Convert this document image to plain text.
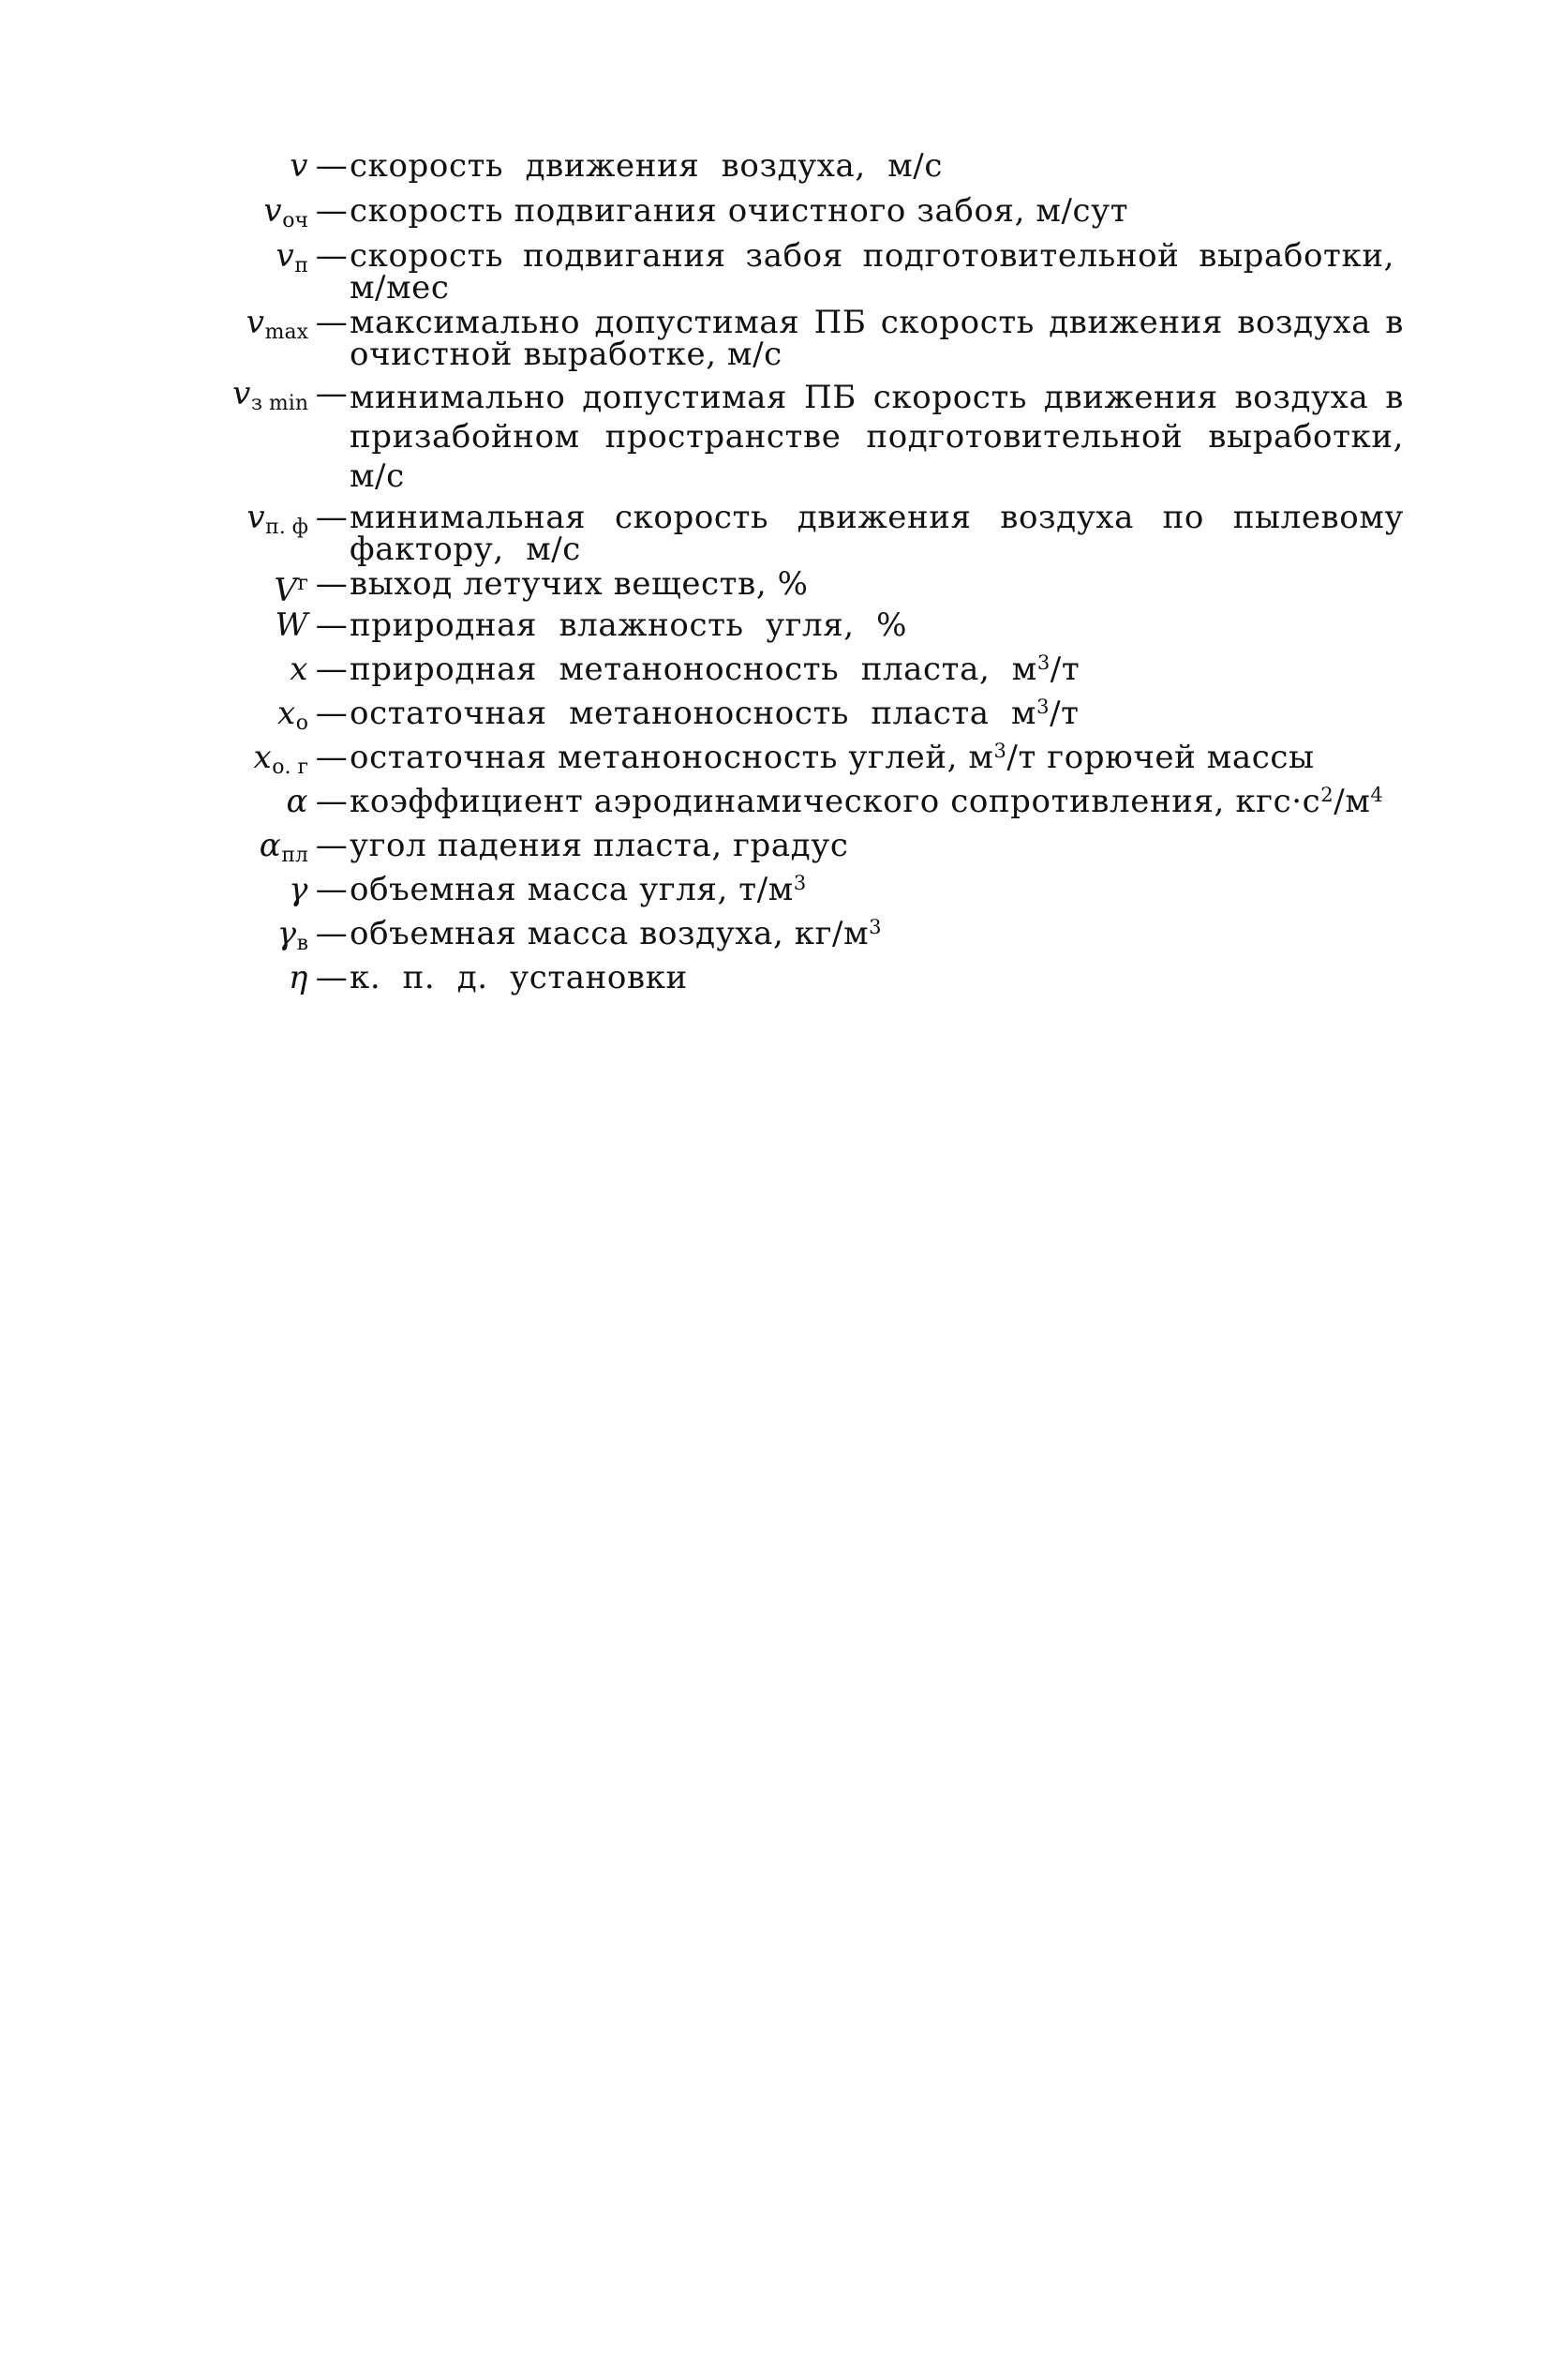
v — скорость движения воздуха, м/с
$v_{оч}$ — скорость подвигания очистного забоя, м/сут
$v_п$ — скорость подвигания забоя подготовительной выработки, м/мес
$v_{max}$ — максимально допустимая ПБ скорость движения воздуха в очистной выработке, м/с
$v_{з min}$ — минимально допустимая ПБ скорость движения воздуха в призабойном пространстве подготовительной выработки, м/с
$v_{п. ф}$ — минимальная скорость движения воздуха по пылевому фактору, м/с
$V^г$ — выход летучих веществ, %
W — природная влажность угля, %
x — природная метаноносность пласта, $м^3/т$
$x_о$ — остаточная метаноносность пласта $м^3/т$
$x_{о. г}$ — остаточная метаноносность углей, $м^3/т$ горючей массы
α — коэффициент аэродинамического сопротивления, $кгс\cdot с^2/м^4$
$\alpha_{пл}$ — угол падения пласта, градус
γ — объемная масса угля, $т/м^3$
$\gamma_в$ — объемная масса воздуха, $кг/м^3$
η — к. п. д. установки
